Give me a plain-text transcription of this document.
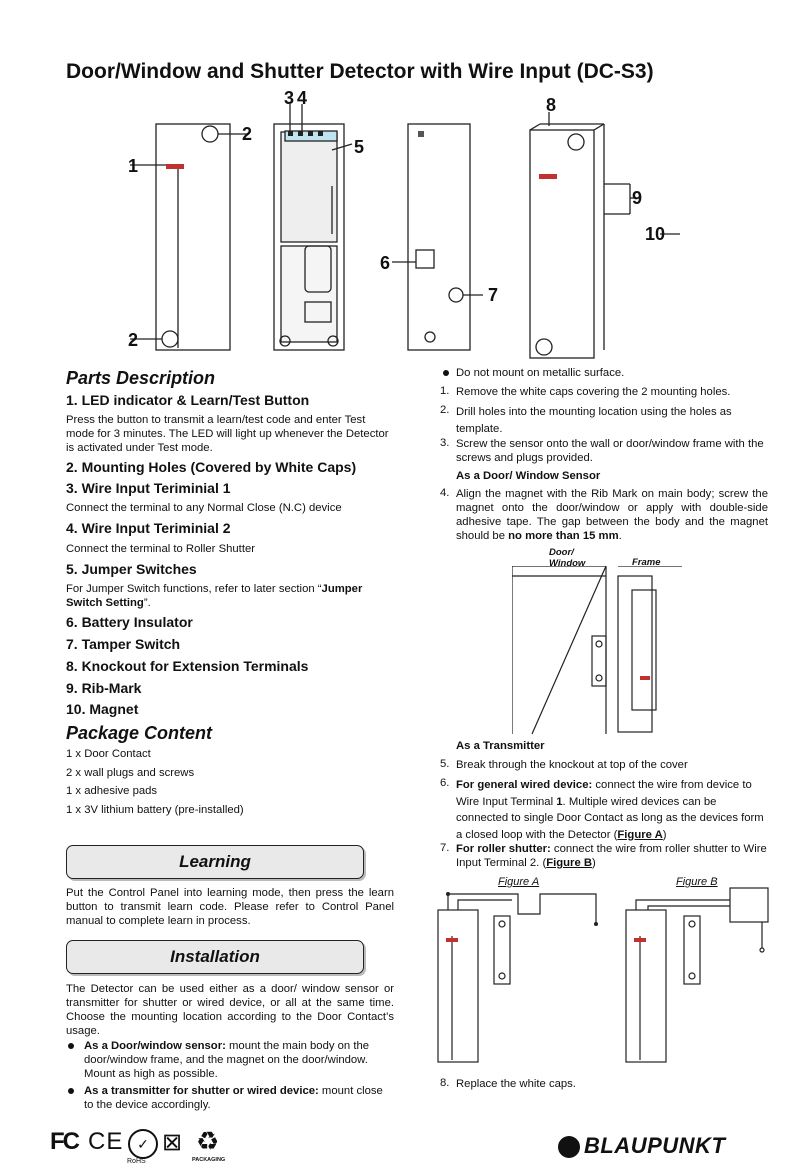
Door/Window and Shutter Detector with Wire Input (DC-S3)
1
2
2
3 4
5
6
7
8
9
10
Parts Description
1. LED indicator & Learn/Test Button
Press the button to transmit a learn/test code and enter Test mode for 3 minutes. The LED will light up whenever the Detector is activated under Test mode.
2. Mounting Holes (Covered by White Caps)
3. Wire Input Teriminial 1
Connect the terminal to any Normal Close (N.C) device
4. Wire Input Teriminial 2
Connect the terminal to Roller Shutter
5. Jumper Switches
For Jumper Switch functions, refer to later section “Jumper Switch Setting”.
6. Battery Insulator
7. Tamper Switch
8. Knockout for Extension Terminals
9. Rib-Mark
10. Magnet
Package Content
1 x Door Contact
2 x wall plugs and screws
1 x adhesive pads
1 x 3V lithium battery (pre-installed)
Learning
Put the Control Panel into learning mode, then press the learn button to transmit learn code. Please refer to Control Panel manual to complete learn in process.
Installation
The Detector can be used either as a door/ window sensor or transmitter for shutter or wired device, or all at the same time. Choose the mounting location according to the Door Contact’s usage.
As a Door/window sensor: mount the main body on the door/window frame, and the magnet on the door/window. Mount as high as possible.
As a transmitter for shutter or wired device: mount close to the device accordingly.
Do not mount on metallic surface.
1. Remove the white caps covering the 2 mounting holes.
2. Drill holes into the mounting location using the holes as template.
3. Screw the sensor onto the wall or door/window frame with the screws and plugs provided.
As a Door/ Window Sensor
4. Align the magnet with the Rib Mark on main body; screw the magnet onto the door/window or apply with double-side adhesive tape. The gap between the body and the magnet should be no more than 15 mm.
Door/
Window	Frame
As a Transmitter
5. Break through the knockout at top of the cover
6. For general wired device: connect the wire from device to Wire Input Terminal 1. Multiple wired devices can be connected to single Door Contact as long as the devices form a closed loop with the Detector (Figure A)
7. For roller shutter: connect the wire from roller shutter to Wire Input Terminal 2. (Figure B)
Figure A	Figure B
8. Replace the white caps.
FC CE ✓
RoHS
⊠ ♻
PACKAGING
BLAUPUNKT
